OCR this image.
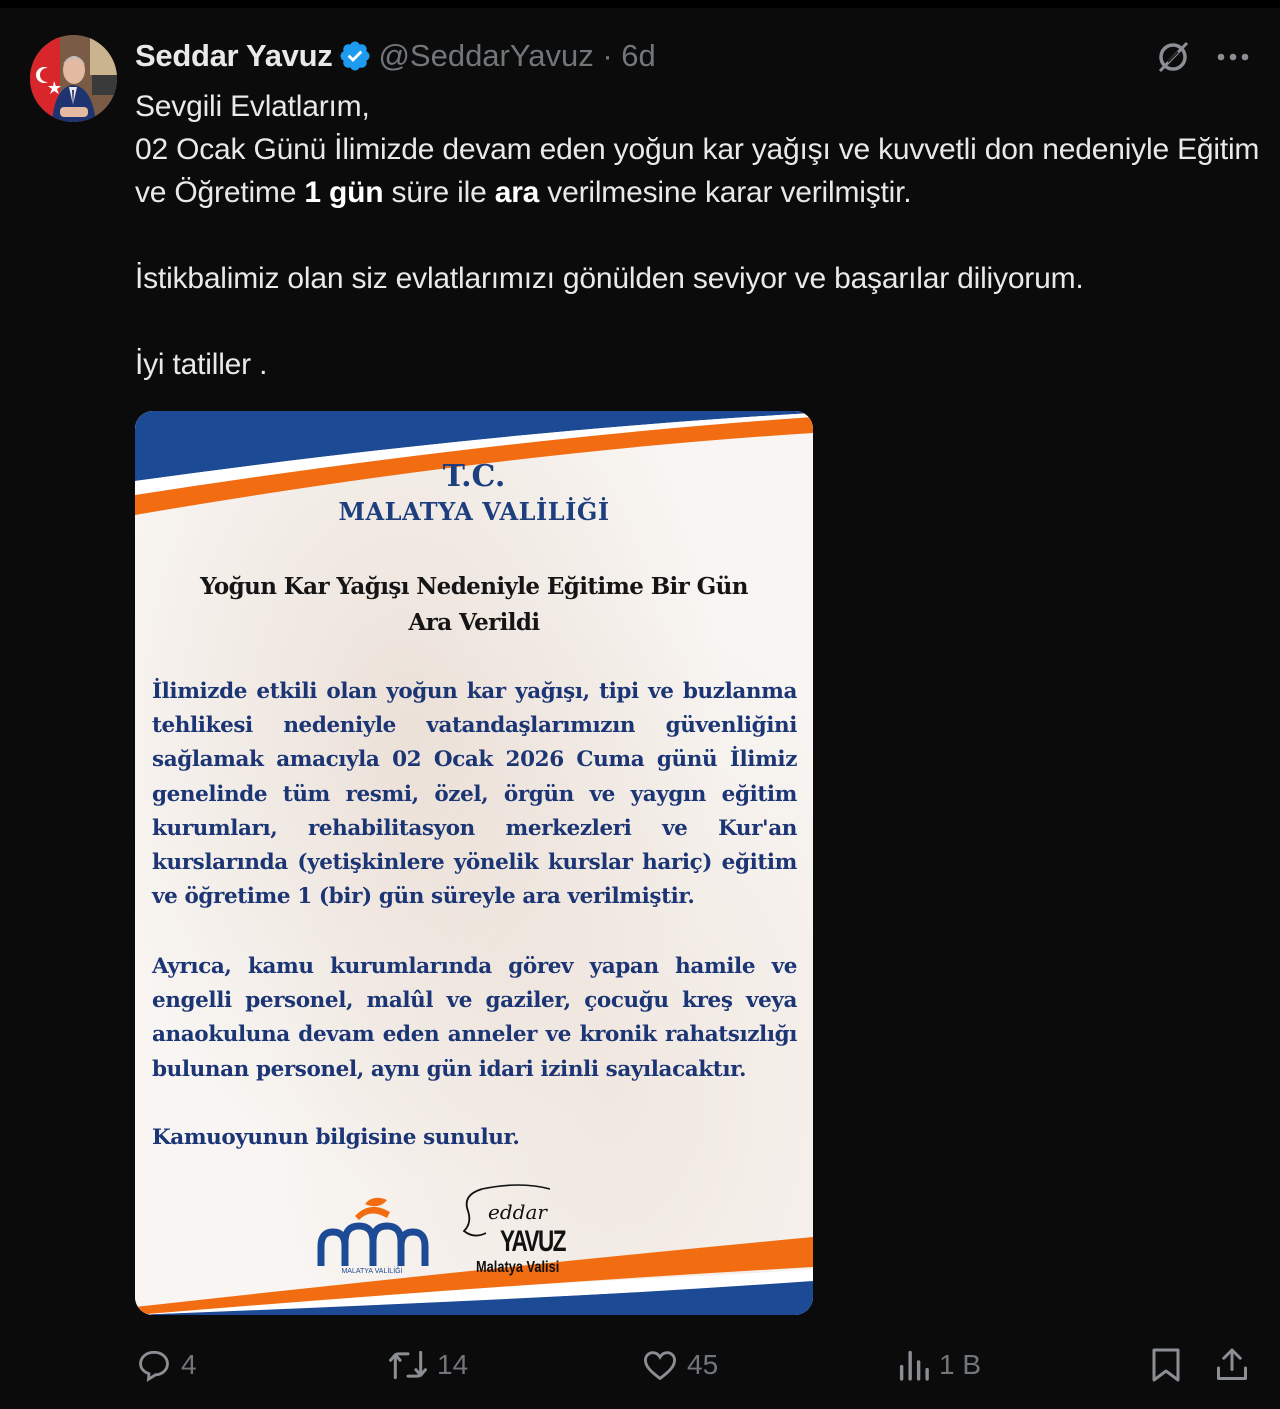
Seddar Yavuz @SeddarYavuz · 6d

Sevgili Evlatlarım,

02 Ocak Günü İlimizde devam eden yoğun kar yağışı ve kuvvetli don nedeniyle Eğitim ve Öğretime 1 gün süre ile ara verilmesine karar verilmiştir.

İstikbalimiz olan siz evlatlarımızı gönülden seviyor ve başarılar diliyorum.

İyi tatiller .

T.C.
MALATYA VALİLİĞİ
Yoğun Kar Yağışı Nedeniyle Eğitime Bir Gün Ara Verildi
İlimizde etkili olan yoğun kar yağışı, tipi ve buzlanma tehlikesi nedeniyle vatandaşlarımızın güvenliğini sağlamak amacıyla 02 Ocak 2026 Cuma günü İlimiz genelinde tüm resmi, özel, örgün ve yaygın eğitim kurumları, rehabilitasyon merkezleri ve Kur'an kurslarında (yetişkinlere yönelik kurslar hariç) eğitim ve öğretime 1 (bir) gün süreyle ara verilmiştir.
Ayrıca, kamu kurumlarında görev yapan hamile ve engelli personel, malûl ve gaziler, çocuğu kreş veya anaokuluna devam eden anneler ve kronik rahatsızlığı bulunan personel, aynı gün idari izinli sayılacaktır.
Kamuoyunun bilgisine sunulur.
MALATYA VALİLİĞİ
eddar
YAVUZ
Malatya Valisi
4	14	45	1 B
